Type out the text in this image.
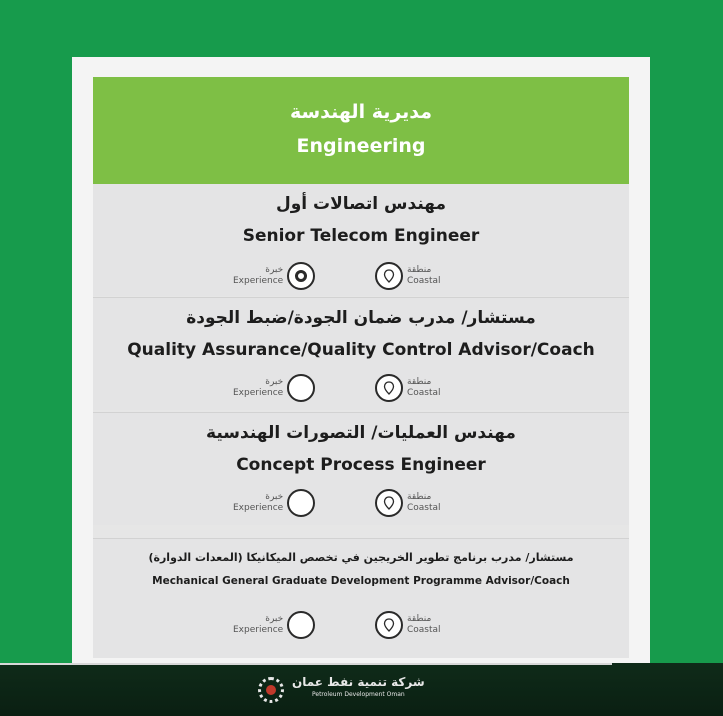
مديرية الهندسة
Engineering
مهندس اتصالات أول
Senior Telecom Engineer
خبرة
Experience
منطقة
Coastal
مستشار/ مدرب ضمان الجودة/ضبط الجودة
Quality Assurance/Quality Control Advisor/Coach
خبرة
Experience
منطقة
Coastal
مهندس العمليات/ التصورات الهندسية
Concept Process Engineer
خبرة
Experience
منطقة
Coastal
مستشار/ مدرب برنامج تطوير الخريجين في تخصص الميكانيكا (المعدات الدوارة)
Mechanical General Graduate Development Programme Advisor/Coach
خبرة
Experience
منطقة
Coastal
شركة تنمية نفط عمان
Petroleum Development Oman
